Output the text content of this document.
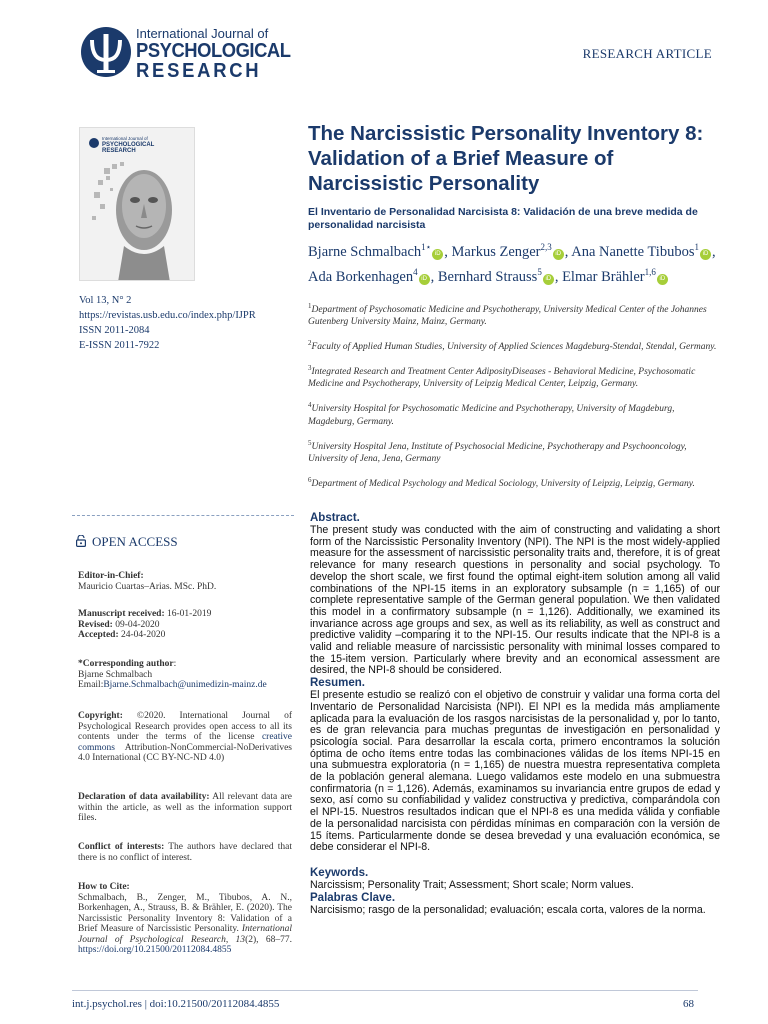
International Journal of
PSYCHOLOGICAL
RESEARCH
RESEARCH ARTICLE
International Journal of
PSYCHOLOGICAL
RESEARCH
Vol 13, N° 2
https://revistas.usb.edu.co/index.php/IJPR
ISSN 2011-2084
E-ISSN 2011-7922
The Narcissistic Personality Inventory 8: Validation of a Brief Measure of Narcissistic Personality
El Inventario de Personalidad Narcisista 8: Validación de una breve medida de personalidad narcisista
Bjarne Schmalbach$^{1⋆}$iD , Markus Zenger$^{2,3}$iD , Ana Nanette Tibubos$^1$iD , Ada Borkenhagen$^4$iD , Bernhard Strauss$^5$iD , Elmar Brähler$^{1,6}$iD
$^1$Department of Psychosomatic Medicine and Psychotherapy, University Medical Center of the Johannes Gutenberg University Mainz, Mainz, Germany.
$^2$Faculty of Applied Human Studies, University of Applied Sciences Magdeburg-Stendal, Stendal, Germany.
$^3$Integrated Research and Treatment Center AdiposityDiseases - Behavioral Medicine, Psychosomatic Medicine and Psychotherapy, University of Leipzig Medical Center, Leipzig, Germany.
$^4$University Hospital for Psychosomatic Medicine and Psychotherapy, University of Magdeburg, Magdeburg, Germany.
$^5$University Hospital Jena, Institute of Psychosocial Medicine, Psychotherapy and Psychooncology, University of Jena, Jena, Germany
$^6$Department of Medical Psychology and Medical Sociology, University of Leipzig, Leipzig, Germany.
OPEN ACCESS
Editor-in-Chief:
Mauricio Cuartas–Arias. MSc. PhD.
Manuscript received: 16-01-2019
Revised: 09-04-2020
Accepted: 24-04-2020
*Corresponding author:
Bjarne Schmalbach
Email:Bjarne.Schmalbach@unimedizin-mainz.de
Copyright: ©2020. International Journal of Psychological Research provides open access to all its contents under the terms of the license creative commons Attribution-NonCommercial-NoDerivatives 4.0 International (CC BY-NC-ND 4.0)
Declaration of data availability: All relevant data are within the article, as well as the information support files.
Conflict of interests: The authors have declared that there is no conflict of interest.
How to Cite:
Schmalbach, B., Zenger, M., Tibubos, A. N., Borkenhagen, A., Strauss, B. & Brähler, E. (2020). The Narcissistic Personality Inventory 8: Validation of a Brief Measure of Narcissistic Personality. International Journal of Psychological Research, 13(2), 68–77. https://doi.org/10.21500/20112084.4855
Abstract.

The present study was conducted with the aim of constructing and validating a short form of the Narcissistic Personality Inventory (NPI). The NPI is the most widely-applied measure for the assessment of narcissistic personality traits and, therefore, it is of great relevance for many research questions in personality and social psychology. To develop the short scale, we first found the optimal eight-item solution among all valid combinations of the NPI-15 items in an exploratory subsample (n = 1,165) of our complete representative sample of the German general population. We then validated this model in a confirmatory subsample (n = 1,126). Additionally, we examined its invariance across age groups and sex, as well as its reliability, as well as construct and predictive validity –comparing it to the NPI-15. Our results indicate that the NPI-8 is a valid and reliable measure of narcissistic personality with minimal losses compared to the 15-item version. Particularly where brevity and an economical assessment are desired, the NPI-8 should be considered.

Resumen.

El presente estudio se realizó con el objetivo de construir y validar una forma corta del Inventario de Personalidad Narcisista (NPI). El NPI es la medida más ampliamente aplicada para la evaluación de los rasgos narcisistas de la personalidad y, por lo tanto, es de gran relevancia para muchas preguntas de investigación en personalidad y psicología social. Para desarrollar la escala corta, primero encontramos la solución óptima de ocho ítems entre todas las combinaciones válidas de los ítems NPI-15 en una submuestra exploratoria (n = 1,165) de nuestra muestra representativa completa de la población general alemana. Luego validamos este modelo en una submuestra confirmatoria (n = 1,126). Además, examinamos su invariancia entre grupos de edad y sexo, así como su confiabilidad y validez constructiva y predictiva, comparándola con el NPI-15. Nuestros resultados indican que el NPI-8 es una medida válida y confiable de la personalidad narcisista con pérdidas mínimas en comparación con la versión de 15 ítems. Particularmente donde se desea brevedad y una evaluación económica, se debe considerar el NPI-8.

Keywords.

Narcissism; Personality Trait; Assessment; Short scale; Norm values.

Palabras Clave.

Narcisismo; rasgo de la personalidad; evaluación; escala corta, valores de la norma.

int.j.psychol.res | doi:10.21500/20112084.4855	68
